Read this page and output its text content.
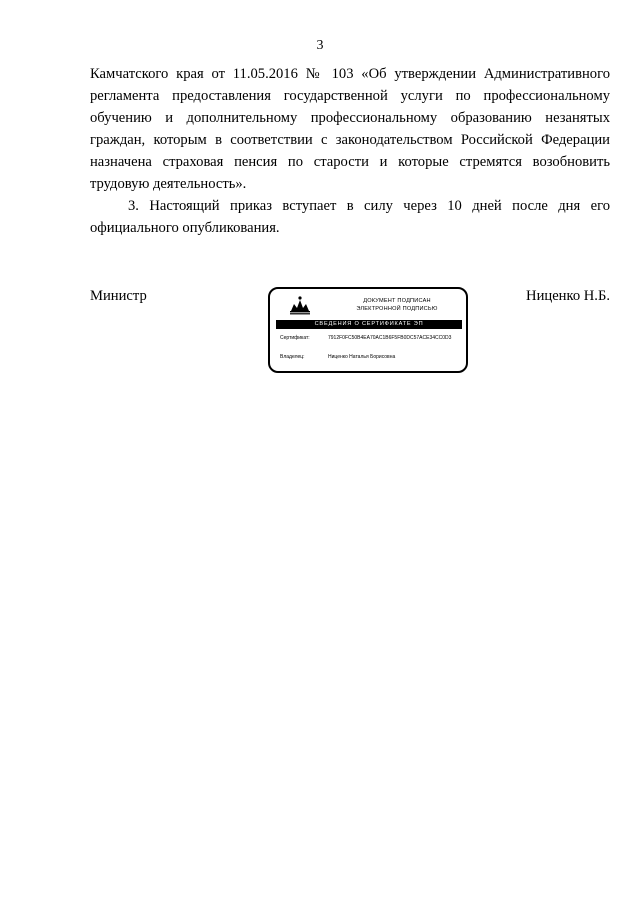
3

Камчатского края от 11.05.2016 № 103 «Об утверждении Административного регламента предоставления государственной услуги по профессиональному обучению и дополнительному профессиональному образованию незанятых граждан, которым в соответствии с законодательством Российской Федерации назначена страховая пенсия по старости и которые стремятся возобновить трудовую деятельность».

3. Настоящий приказ вступает в силу через 10 дней после дня его официального опубликования.

Министр	ДОКУМЕНТ ПОДПИСАН
ЭЛЕКТРОННОЙ ПОДПИСЬЮ
СВЕДЕНИЯ О СЕРТИФИКАТЕ ЭП
Сертификат:	7912F0FC50B4EA70AC1B6F5FB0DC57ACE34CC0D3
Владелец:	Ниценко Наталья Борисовна
Ниценко Н.Б.
